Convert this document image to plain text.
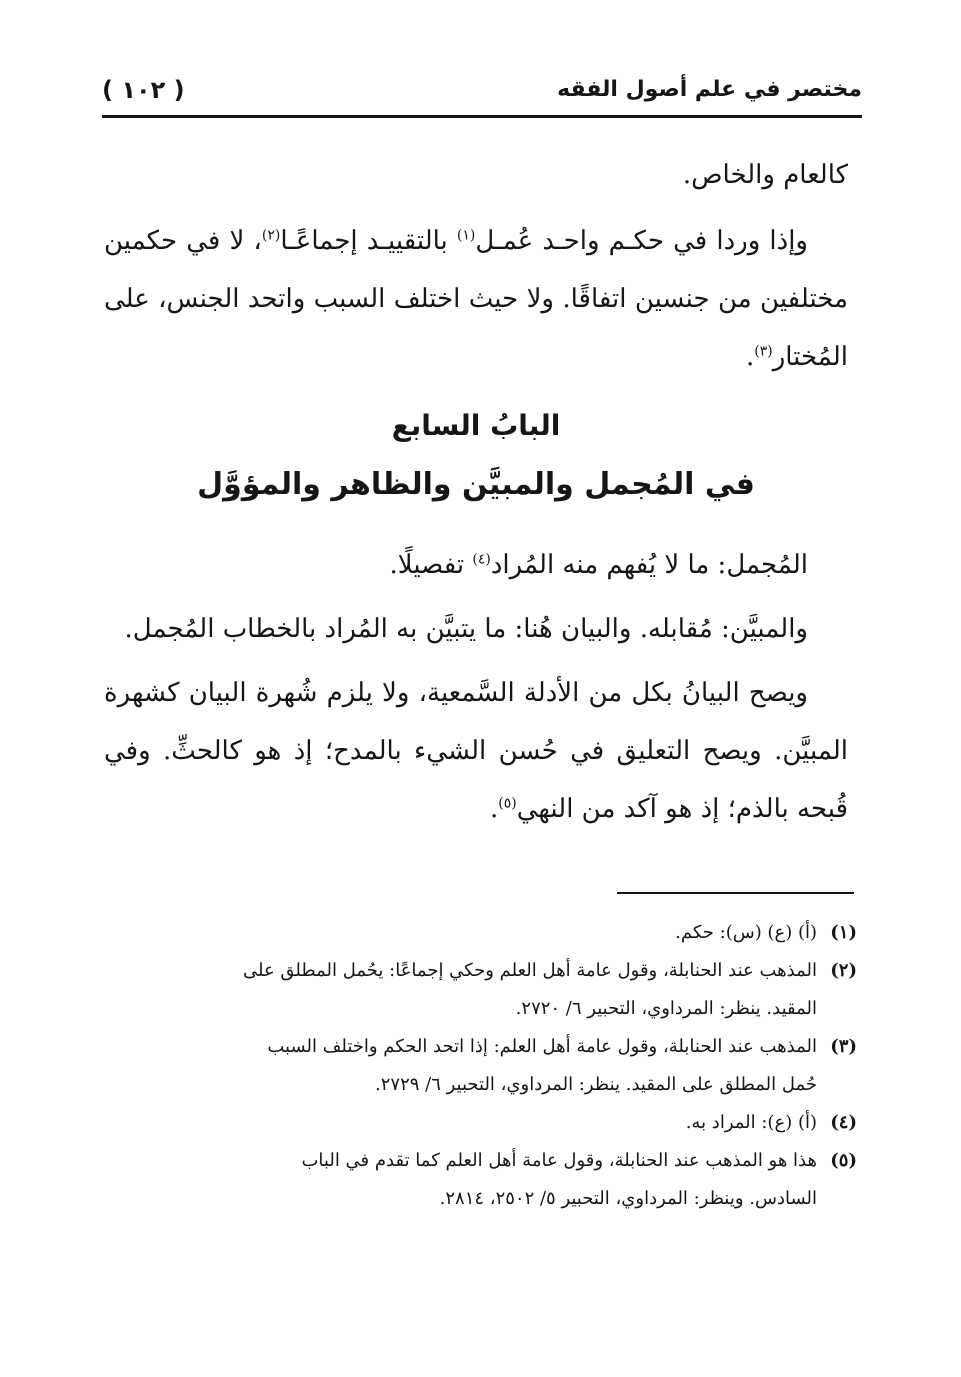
مختصر في علم أصول الفقه
( ١٠٢ )

كالعام والخاص.

وإذا وردا في حكـم واحـد عُمـل$^{(١)}$ بالتقييـد إجماعًـا$^{(٢)}$، لا في حكمين مختلفين من جنسين اتفاقًا. ولا حيث اختلف السبب واتحد الجنس، على المُختار$^{(٣)}$.

البابُ السابع
في المُجمل والمبيَّن والظاهر والمؤوَّل

المُجمل: ما لا يُفهم منه المُراد$^{(٤)}$ تفصيلًا.

والمبيَّن: مُقابله. والبيان هُنا: ما يتبيَّن به المُراد بالخطاب المُجمل.

ويصح البيانُ بكل من الأدلة السَّمعية، ولا يلزم شُهرة البيان كشهرة المبيَّن. ويصح التعليق في حُسن الشيء بالمدح؛ إذ هو كالحثِّ. وفي قُبحه بالذم؛ إذ هو آكد من النهي$^{(٥)}$.

(١)
(أ) (ع) (س): حكم.
(٢)
المذهب عند الحنابلة، وقول عامة أهل العلم وحكي إجماعًا: يحُمل المطلق على
المقيد. ينظر: المرداوي، التحبير ٦/ ٢٧٢٠.
(٣)
المذهب عند الحنابلة، وقول عامة أهل العلم: إذا اتحد الحكم واختلف السبب
حُمل المطلق على المقيد. ينظر: المرداوي، التحبير ٦/ ٢٧٢٩.
(٤)
(أ) (ع): المراد به.
(٥)
هذا هو المذهب عند الحنابلة، وقول عامة أهل العلم كما تقدم في الباب
السادس. وينظر: المرداوي، التحبير ٥/ ٢٥٠٢، ٢٨١٤.
